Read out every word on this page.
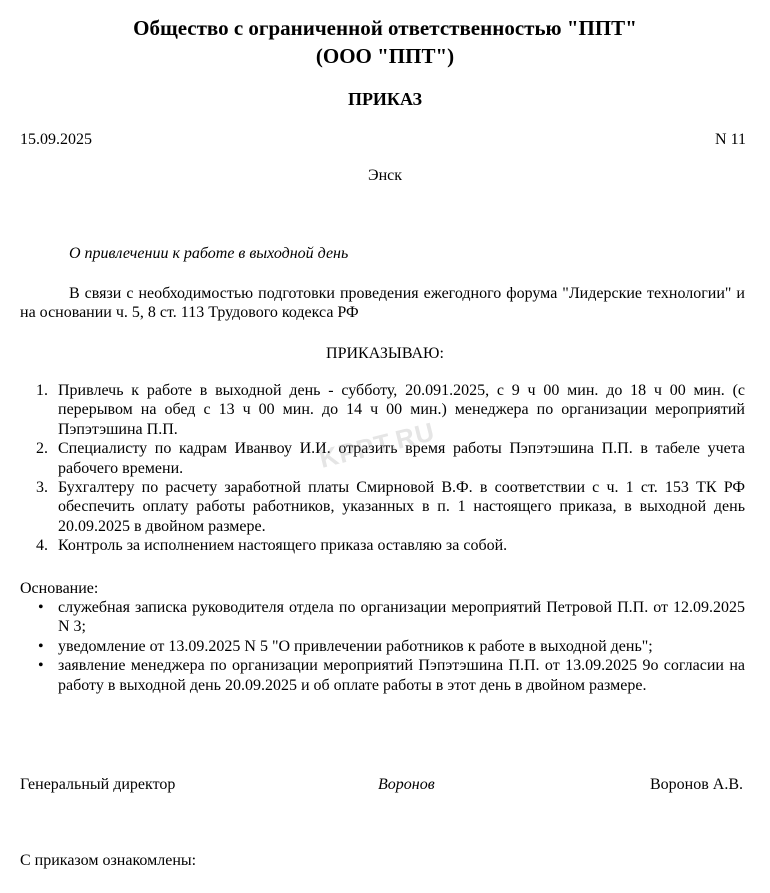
Общество с ограниченной ответственностью "ППТ"
(ООО "ППТ")
ПРИКАЗ
15.09.2025	N 11
Энск
О привлечении к работе в выходной день

В связи с необходимостью подготовки проведения ежегодного форума "Лидерские технологии" и на основании ч. 5, 8 ст. 113 Трудового кодекса РФ

ПРИКАЗЫВАЮ:
1. Привлечь к работе в выходной день - субботу, 20.091.2025, с 9 ч 00 мин. до 18 ч 00 мин. (с перерывом на обед с 13 ч 00 мин. до 14 ч 00 мин.) менеджера по организации мероприятий Пэпэтэшина П.П.
2. Специалисту по кадрам Иванвоу И.И. отразить время работы Пэпэтэшина П.П. в табеле учета рабочего времени.
3. Бухгалтеру по расчету заработной платы Смирновой В.Ф. в соответствии с ч. 1 ст. 153 ТК РФ обеспечить оплату работы работников, указанных в п. 1 настоящего приказа, в выходной день 20.09.2025 в двойном размере.
4. Контроль за исполнением настоящего приказа оставляю за собой.
Основание:
• служебная записка руководителя отдела по организации мероприятий Петровой П.П. от 12.09.2025 N 3;
• уведомление от 13.09.2025 N 5 "О привлечении работников к работе в выходной день";
• заявление менеджера по организации мероприятий Пэпэтэшина П.П. от 13.09.2025 9о согласии на работу в выходной день 20.09.2025 и об оплате работы в этот день в двойном размере.
Генеральный директор	Воронов	Воронов А.В.
С приказом ознакомлены:
KPPT.RU
